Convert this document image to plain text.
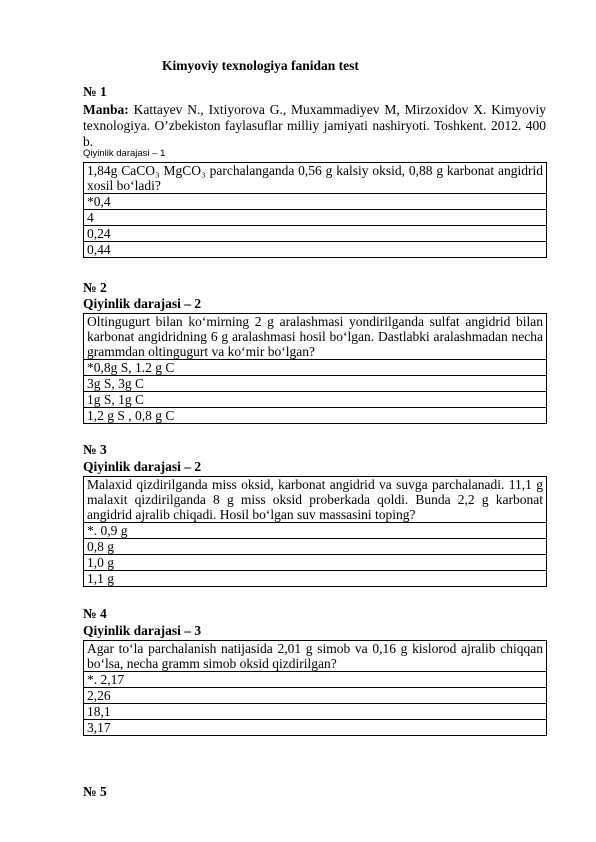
Kimyoviy texnologiya fanidan test
№ 1
Manba: Kattayev N., Ixtiyorova G., Muxammadiyev M, Mirzoxidov X. Kimyoviy texnologiya. O’zbekiston faylasuflar milliy jamiyati nashiryoti. Toshkent. 2012. 400 b.
Qiyinlik darajasi – 1
1,84g CaCO₃ MgCO₃ parchalanganda 0,56 g kalsiy oksid, 0,88 g karbonat angidrid xosil bo‘ladi?
*0,4
4
0,24
0,44
№ 2
Qiyinlik darajasi – 2
Oltingugurt bilan ko‘mirning 2 g aralashmasi yondirilganda sulfat angidrid bilan karbonat angidridning 6 g aralashmasi hosil bo‘lgan. Dastlabki aralashmadan necha grammdan oltingugurt va ko‘mir bo‘lgan?
*0,8g S, 1.2 g C
3g S, 3g C
1g S, 1g C
1,2 g S , 0,8 g C
№ 3
Qiyinlik darajasi – 2
Malaxid qizdirilganda miss oksid, karbonat angidrid va suvga parchalanadi. 11,1 g malaxit qizdirilganda 8 g miss oksid proberkada qoldi. Bunda 2,2 g karbonat angidrid ajralib chiqadi. Hosil bo‘lgan suv massasini toping?
*. 0,9 g
0,8 g
1,0 g
1,1 g
№ 4
Qiyinlik darajasi – 3
Agar to‘la parchalanish natijasida 2,01 g simob va 0,16 g kislorod ajralib chiqqan bo‘lsa, necha gramm simob oksid qizdirilgan?
*. 2,17
2,26
18,1
3,17
№ 5
